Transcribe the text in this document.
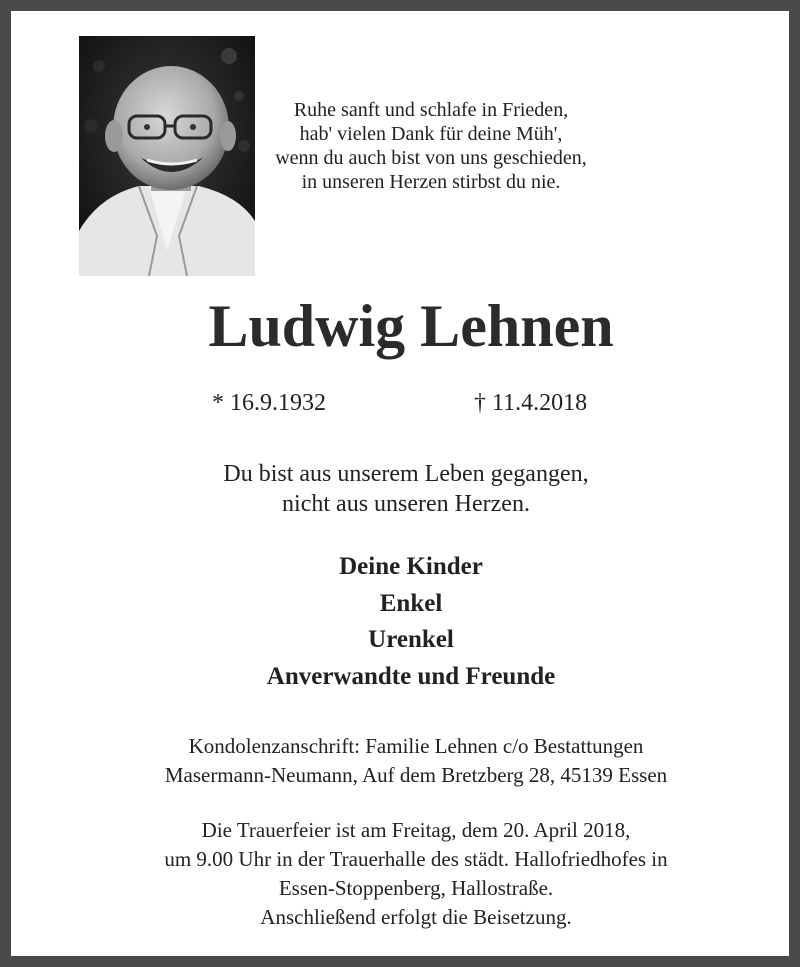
Ruhe sanft und schlafe in Frieden,
hab' vielen Dank für deine Müh',
wenn du auch bist von uns geschieden,
in unseren Herzen stirbst du nie.
Ludwig Lehnen
* 16.9.1932	† 11.4.2018
Du bist aus unserem Leben gegangen,
nicht aus unseren Herzen.
Deine Kinder
Enkel
Urenkel
Anverwandte und Freunde
Kondolenzanschrift: Familie Lehnen c/o Bestattungen
Masermann-Neumann, Auf dem Bretzberg 28, 45139 Essen
Die Trauerfeier ist am Freitag, dem 20. April 2018,
um 9.00 Uhr in der Trauerhalle des städt. Hallofriedhofes in
Essen-Stoppenberg, Hallostraße.
Anschließend erfolgt die Beisetzung.
